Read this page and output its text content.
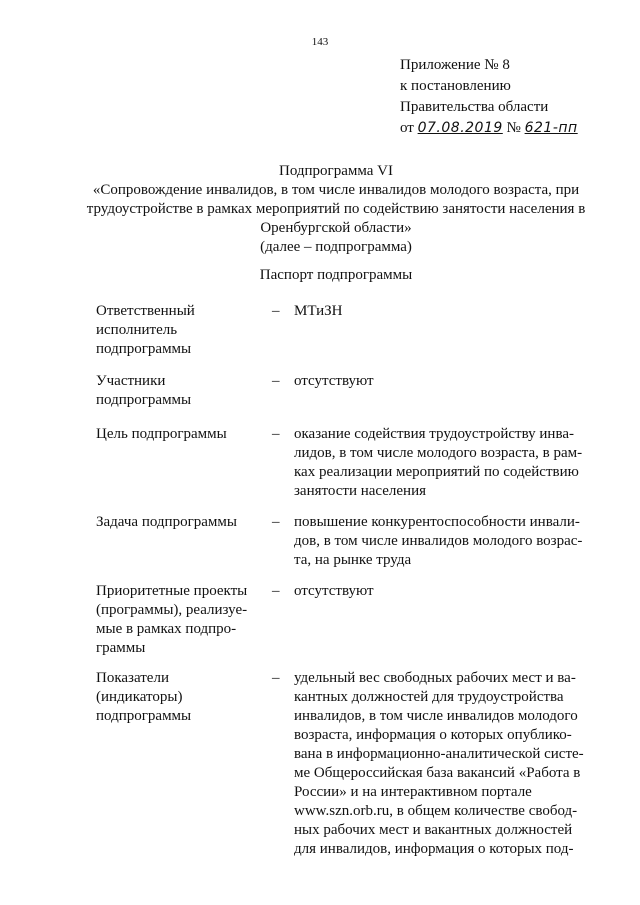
143
Приложение № 8
к постановлению
Правительства области
от 07.08.2019 № 621-пп
Подпрограмма VI
«Сопровождение инвалидов, в том числе инвалидов молодого возраста, при
трудоустройстве в рамках мероприятий по содействию занятости населения в
Оренбургской области»
(далее – подпрограмма)
Паспорт подпрограммы
Ответственный
исполнитель
подпрограммы
– МТиЗН
Участники
подпрограммы
– отсутствуют
Цель подпрограммы	– оказание содействия трудоустройству инва-
лидов, в том числе молодого возраста, в рам-
ках реализации мероприятий по содействию
занятости населения
Задача подпрограммы	– повышение конкурентоспособности инвали-
дов, в том числе инвалидов молодого возрас-
та, на рынке труда
Приоритетные проекты
(программы), реализуе-
мые в рамках подпро-
граммы
– отсутствуют
Показатели
(индикаторы)
подпрограммы
– удельный вес свободных рабочих мест и ва-
кантных должностей для трудоустройства
инвалидов, в том числе инвалидов молодого
возраста, информация о которых опублико-
вана в информационно-аналитической систе-
ме Общероссийская база вакансий «Работа в
России» и на интерактивном портале
www.szn.orb.ru, в общем количестве свобод-
ных рабочих мест и вакантных должностей
для инвалидов, информация о которых под-
